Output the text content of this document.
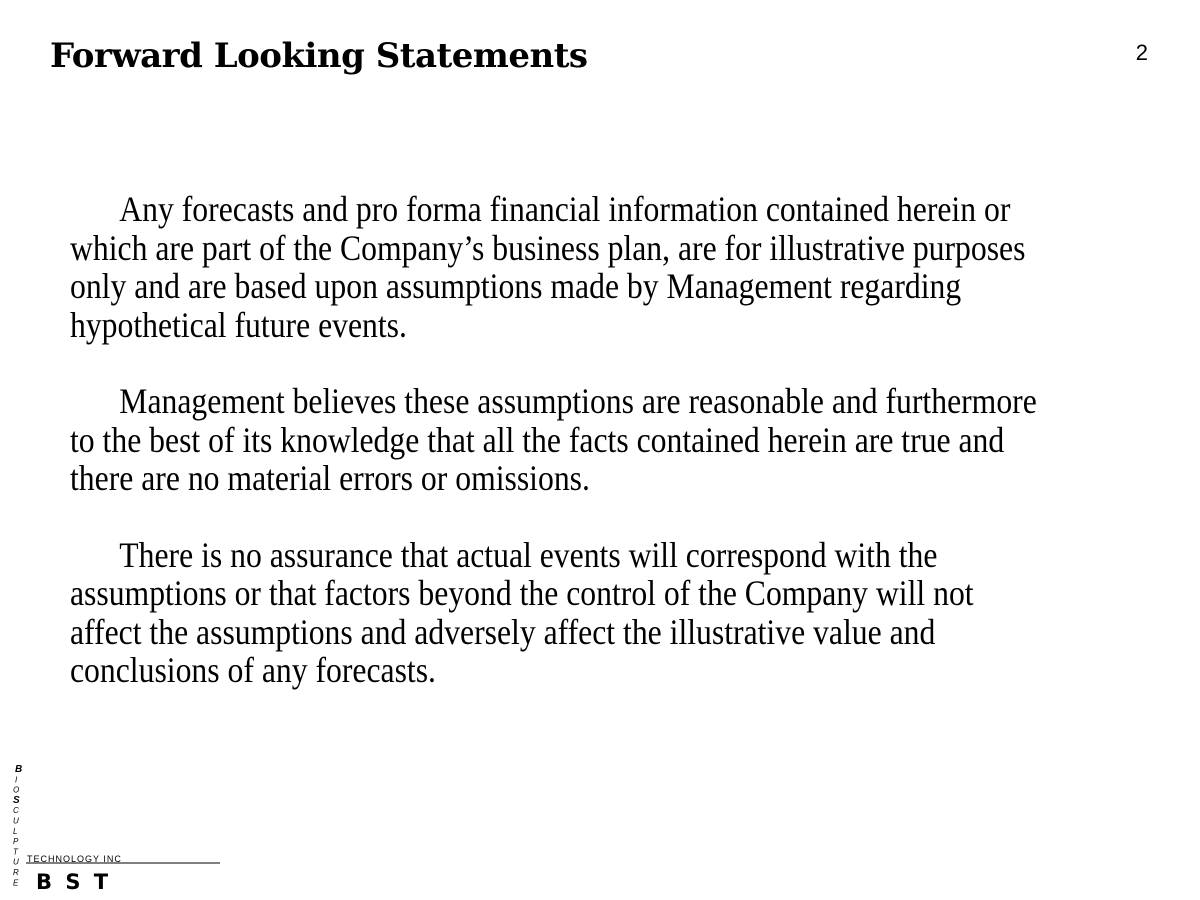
Forward Looking Statements	2

Any forecasts and pro forma financial information contained herein or which are part of the Company’s business plan, are for illustrative purposes only and are based upon assumptions made by Management regarding hypothetical future events.

Management believes these assumptions are reasonable and furthermore to the best of its knowledge that all the facts contained herein are true and there are no material errors or omissions.

There is no assurance that actual events will correspond with the assumptions or that factors beyond the control of the Company will not affect the assumptions and adversely affect the illustrative value and conclusions of any forecasts.

B
I
O
S
C
U
L
P
T
U
R
E
TECHNOLOGY INC
B S T
